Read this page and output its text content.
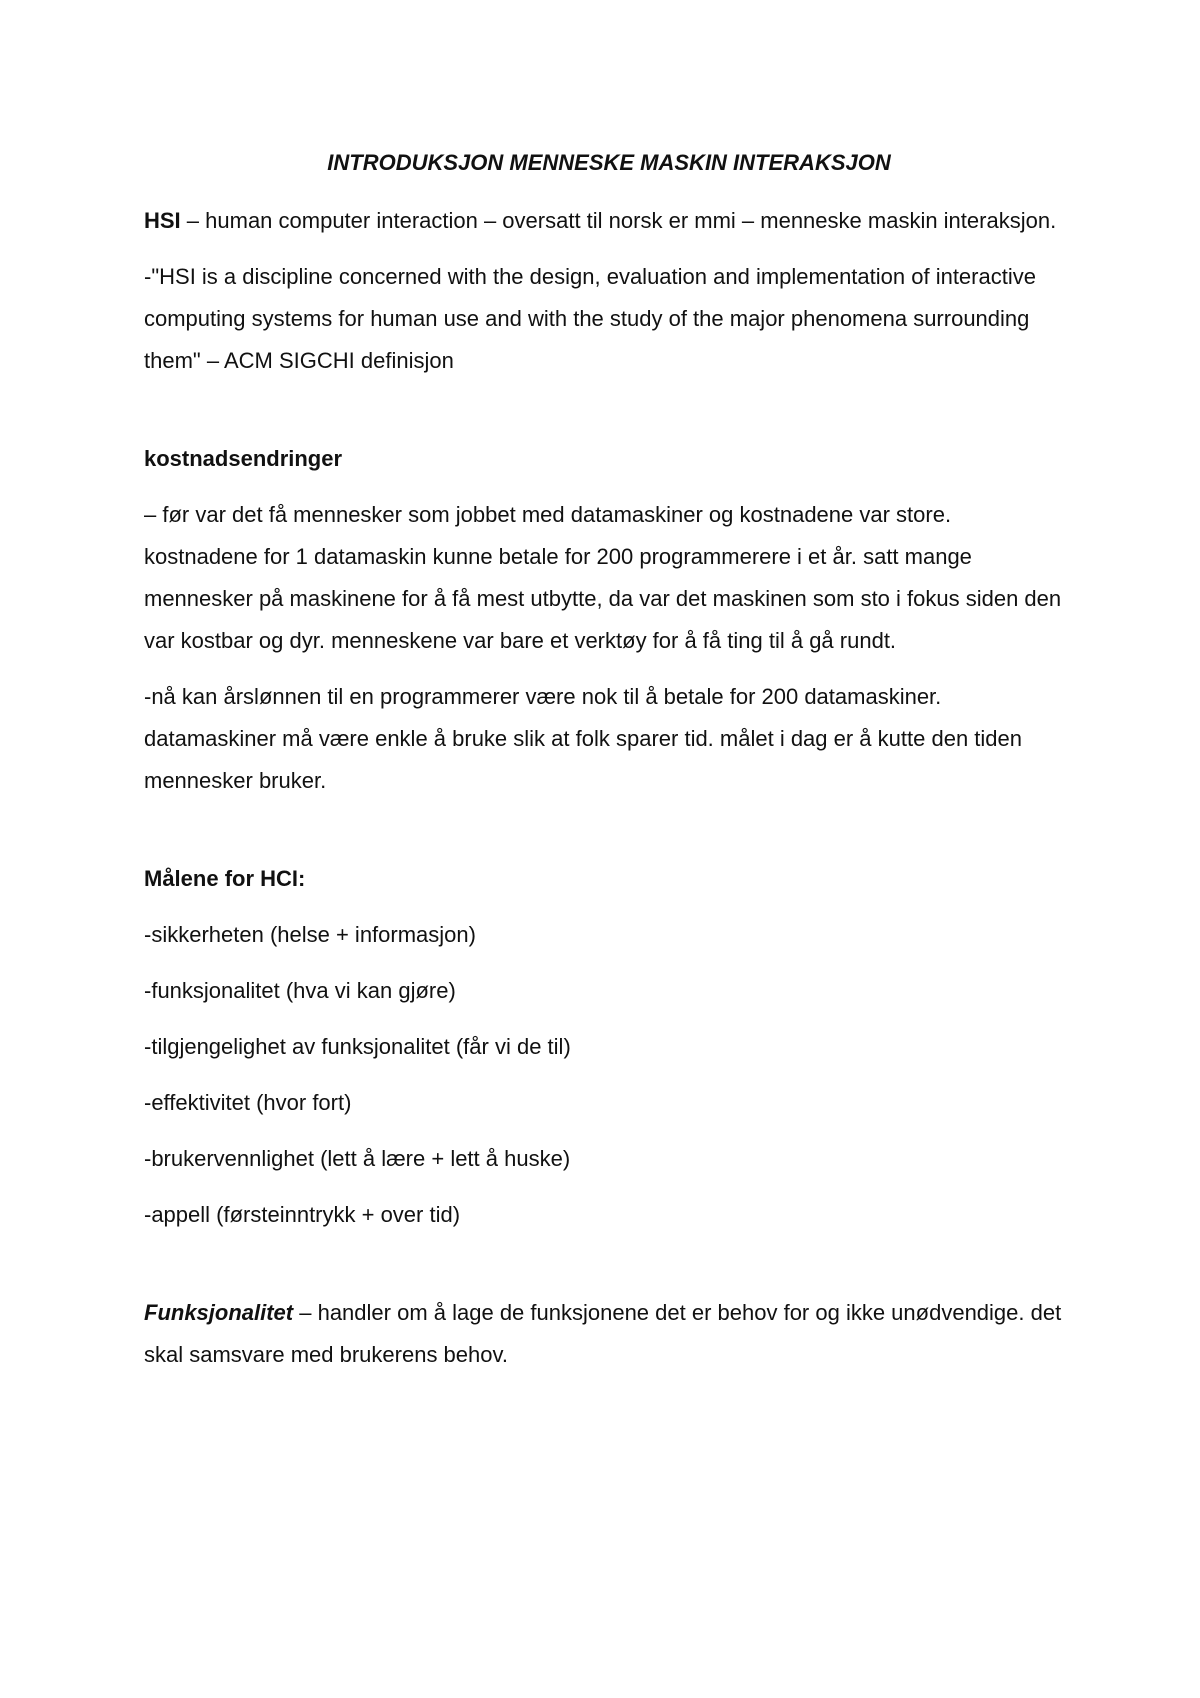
INTRODUKSJON MENNESKE MASKIN INTERAKSJON

HSI – human computer interaction – oversatt til norsk er mmi – menneske maskin interaksjon.

-"HSI is a discipline concerned with the design, evaluation and implementation of interactive computing systems for human use and with the study of the major phenomena surrounding them" – ACM SIGCHI definisjon

kostnadsendringer

– før var det få mennesker som jobbet med datamaskiner og kostnadene var store. kostnadene for 1 datamaskin kunne betale for 200 programmerere i et år. satt mange mennesker på maskinene for å få mest utbytte, da var det maskinen som sto i fokus siden den var kostbar og dyr. menneskene var bare et verktøy for å få ting til å gå rundt.

-nå kan årslønnen til en programmerer være nok til å betale for 200 datamaskiner. datamaskiner må være enkle å bruke slik at folk sparer tid. målet i dag er å kutte den tiden mennesker bruker.

Målene for HCI:

-sikkerheten (helse + informasjon)

-funksjonalitet (hva vi kan gjøre)

-tilgjengelighet av funksjonalitet (får vi de til)

-effektivitet (hvor fort)

-brukervennlighet (lett å lære + lett å huske)

-appell (førsteinntrykk + over tid)

Funksjonalitet – handler om å lage de funksjonene det er behov for og ikke unødvendige. det skal samsvare med brukerens behov.
